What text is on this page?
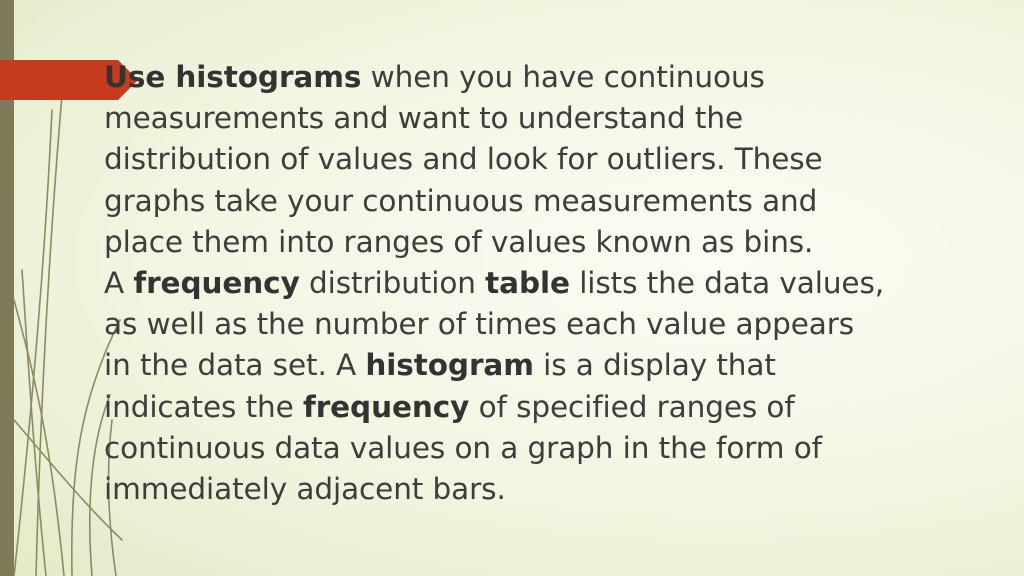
Use histograms when you have continuous

measurements and want to understand the

distribution of values and look for outliers. These

graphs take your continuous measurements and

place them into ranges of values known as bins.

A frequency distribution table lists the data values,

as well as the number of times each value appears

in the data set. A histogram is a display that

indicates the frequency of specified ranges of

continuous data values on a graph in the form of

immediately adjacent bars.
